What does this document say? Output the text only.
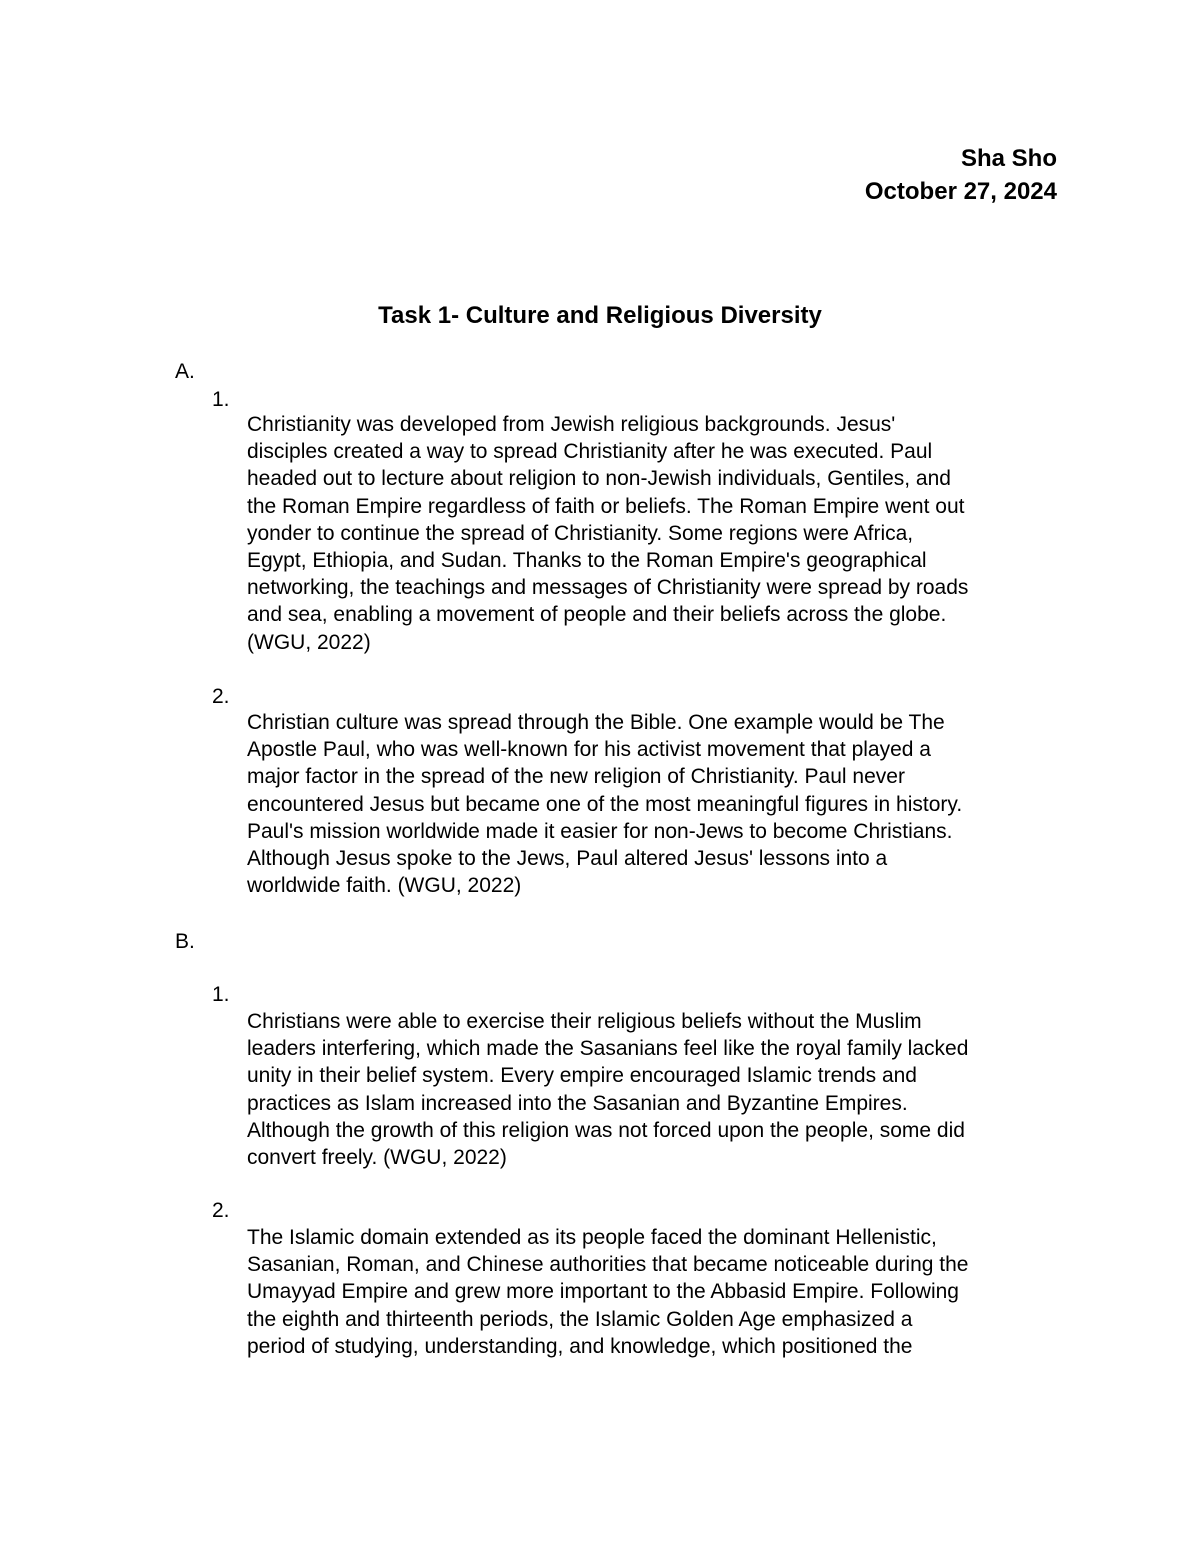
Sha Sho
October 27, 2024
Task 1- Culture and Religious Diversity
A.
1.
Christianity was developed from Jewish religious backgrounds. Jesus'
disciples created a way to spread Christianity after he was executed. Paul
headed out to lecture about religion to non-Jewish individuals, Gentiles, and
the Roman Empire regardless of faith or beliefs. The Roman Empire went out
yonder to continue the spread of Christianity. Some regions were Africa,
Egypt, Ethiopia, and Sudan. Thanks to the Roman Empire's geographical
networking, the teachings and messages of Christianity were spread by roads
and sea, enabling a movement of people and their beliefs across the globe.
(WGU, 2022)
2.
Christian culture was spread through the Bible. One example would be The
Apostle Paul, who was well-known for his activist movement that played a
major factor in the spread of the new religion of Christianity. Paul never
encountered Jesus but became one of the most meaningful figures in history.
Paul's mission worldwide made it easier for non-Jews to become Christians.
Although Jesus spoke to the Jews, Paul altered Jesus' lessons into a
worldwide faith. (WGU, 2022)
B.
1.
Christians were able to exercise their religious beliefs without the Muslim
leaders interfering, which made the Sasanians feel like the royal family lacked
unity in their belief system. Every empire encouraged Islamic trends and
practices as Islam increased into the Sasanian and Byzantine Empires.
Although the growth of this religion was not forced upon the people, some did
convert freely. (WGU, 2022)
2.
The Islamic domain extended as its people faced the dominant Hellenistic,
Sasanian, Roman, and Chinese authorities that became noticeable during the
Umayyad Empire and grew more important to the Abbasid Empire. Following
the eighth and thirteenth periods, the Islamic Golden Age emphasized a
period of studying, understanding, and knowledge, which positioned the
